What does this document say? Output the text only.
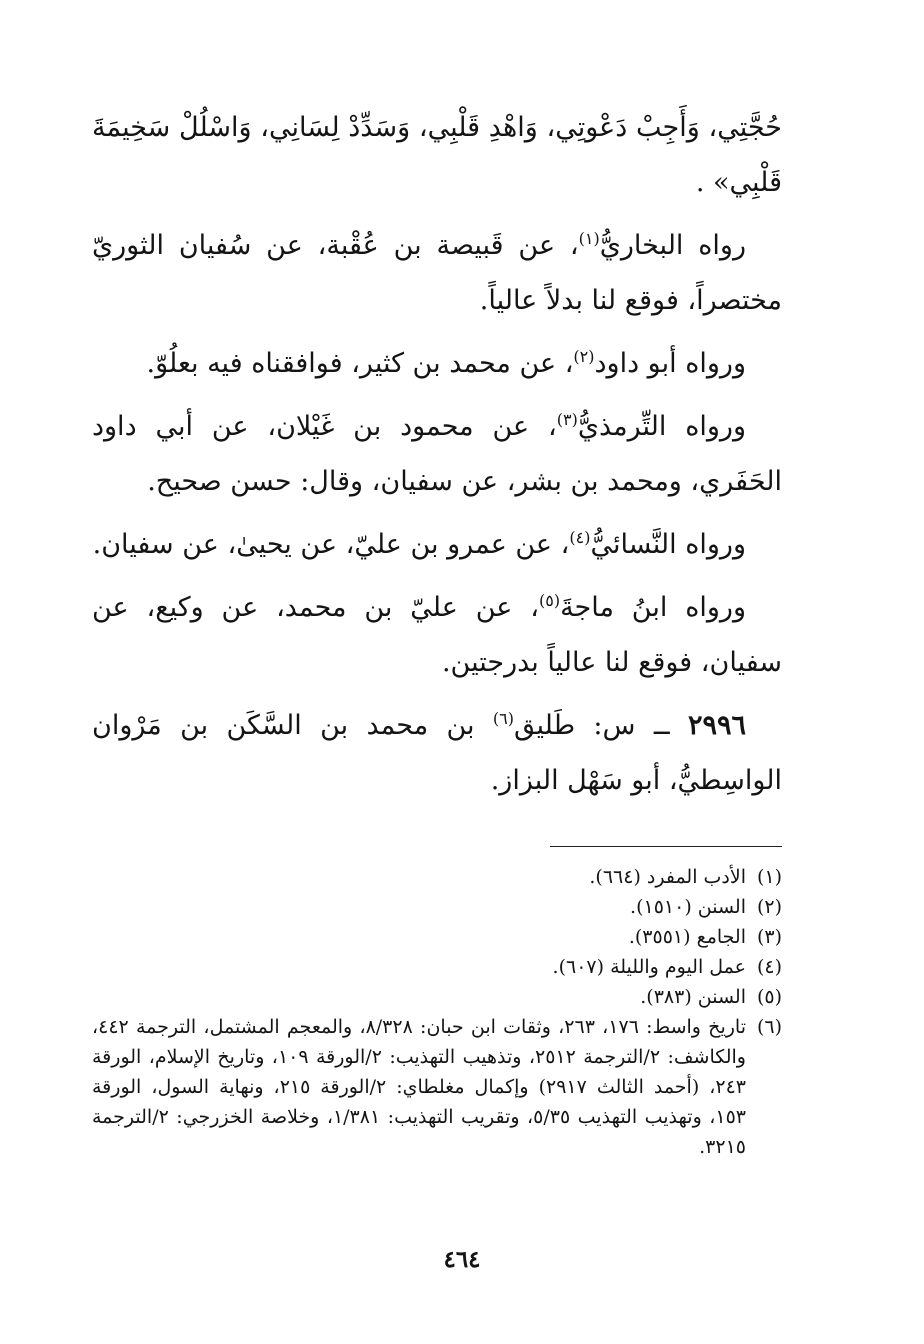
حُجَّتِي، وَأَجِبْ دَعْوتِي، وَاهْدِ قَلْبِي، وَسَدِّدْ لِسَانِي، وَاسْلُلْ سَخِيمَةَ قَلْبِي» .

رواه البخاريُّ$^{(١)}$، عن قَبيصة بن عُقْبة، عن سُفيان الثوريّ مختصراً، فوقع لنا بدلاً عالياً.

ورواه أبو داود$^{(٢)}$، عن محمد بن كثير، فوافقناه فيه بعلُوّ.

ورواه التِّرمذيُّ$^{(٣)}$، عن محمود بن غَيْلان، عن أبي داود الحَفَري، ومحمد بن بشر، عن سفيان، وقال: حسن صحيح.

ورواه النَّسائيُّ$^{(٤)}$، عن عمرو بن عليّ، عن يحيىٰ، عن سفيان.

ورواه ابنُ ماجةَ$^{(٥)}$، عن عليّ بن محمد، عن وكيع، عن سفيان، فوقع لنا عالياً بدرجتين.

٢٩٩٦ ــ س: طَليق$^{(٦)}$ بن محمد بن السَّكَن بن مَرْوان الواسِطيُّ، أبو سَهْل البزاز.

(١)
الأدب المفرد (٦٦٤).
(٢)
السنن (١٥١٠).
(٣)
الجامع (٣٥٥١).
(٤)
عمل اليوم والليلة (٦٠٧).
(٥)
السنن (٣٨٣).
(٦)
تاريخ واسط: ١٧٦، ٢٦٣، وثقات ابن حبان: ٨/٣٢٨، والمعجم المشتمل، الترجمة ٤٤٢، والكاشف: ٢/الترجمة ٢٥١٢، وتذهيب التهذيب: ٢/الورقة ١٠٩، وتاريخ الإسلام، الورقة ٢٤٣، (أحمد الثالث ٢٩١٧) وإكمال مغلطاي: ٢/الورقة ٢١٥، ونهاية السول، الورقة ١٥٣، وتهذيب التهذيب ٥/٣٥، وتقريب التهذيب: ١/٣٨١، وخلاصة الخزرجي: ٢/الترجمة ٣٢١٥.
٤٦٤
